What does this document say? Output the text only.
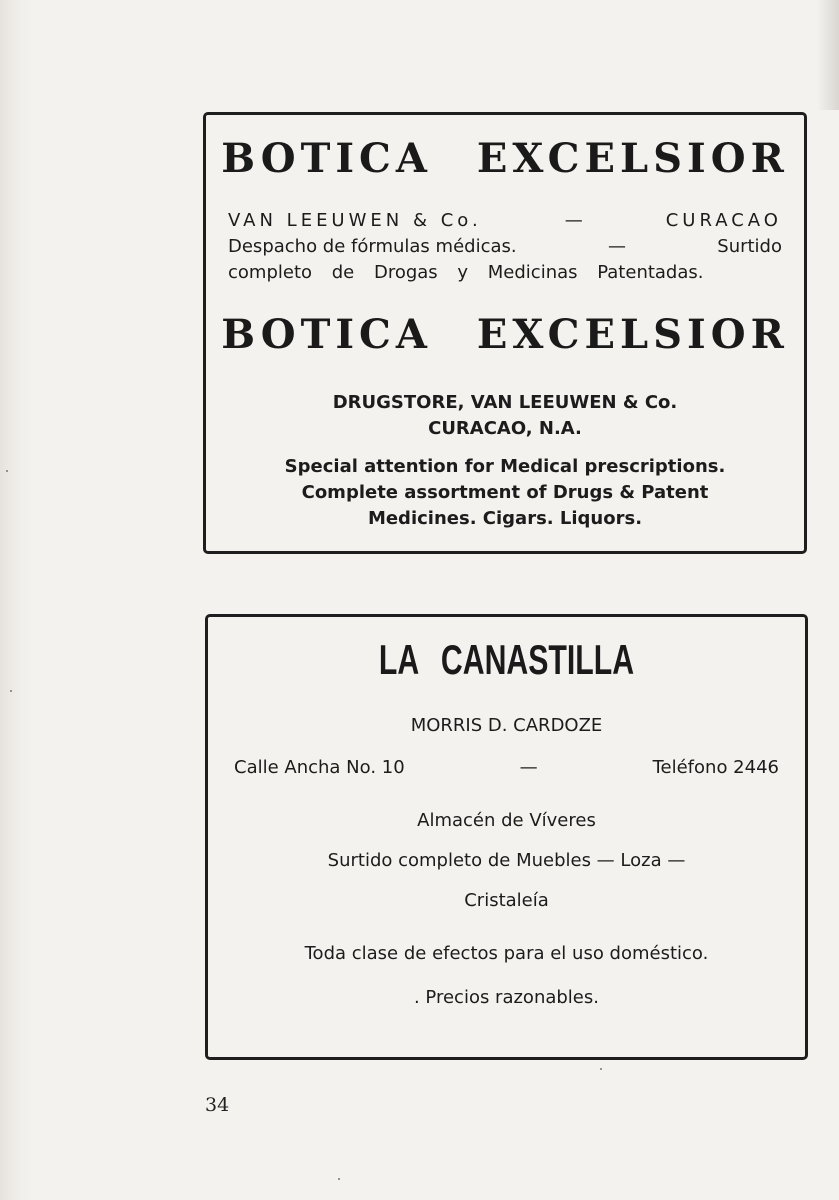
BOTICA EXCELSIOR
VAN LEEUWEN & Co.	—	CURACAO
Despacho de fórmulas médicas.	—	Surtido
completo de Drogas y Medicinas Patentadas.
BOTICA EXCELSIOR
DRUGSTORE, VAN LEEUWEN & Co.
CURACAO, N.A.
Special attention for Medical prescriptions.
Complete assortment of Drugs & Patent
Medicines. Cigars. Liquors.
LA CANASTILLA
MORRIS D. CARDOZE
Calle Ancha No. 10	—	Teléfono 2446
Almacén de Víveres
Surtido completo de Muebles — Loza —
Cristaleía
Toda clase de efectos para el uso doméstico.
. Precios razonables.
34
